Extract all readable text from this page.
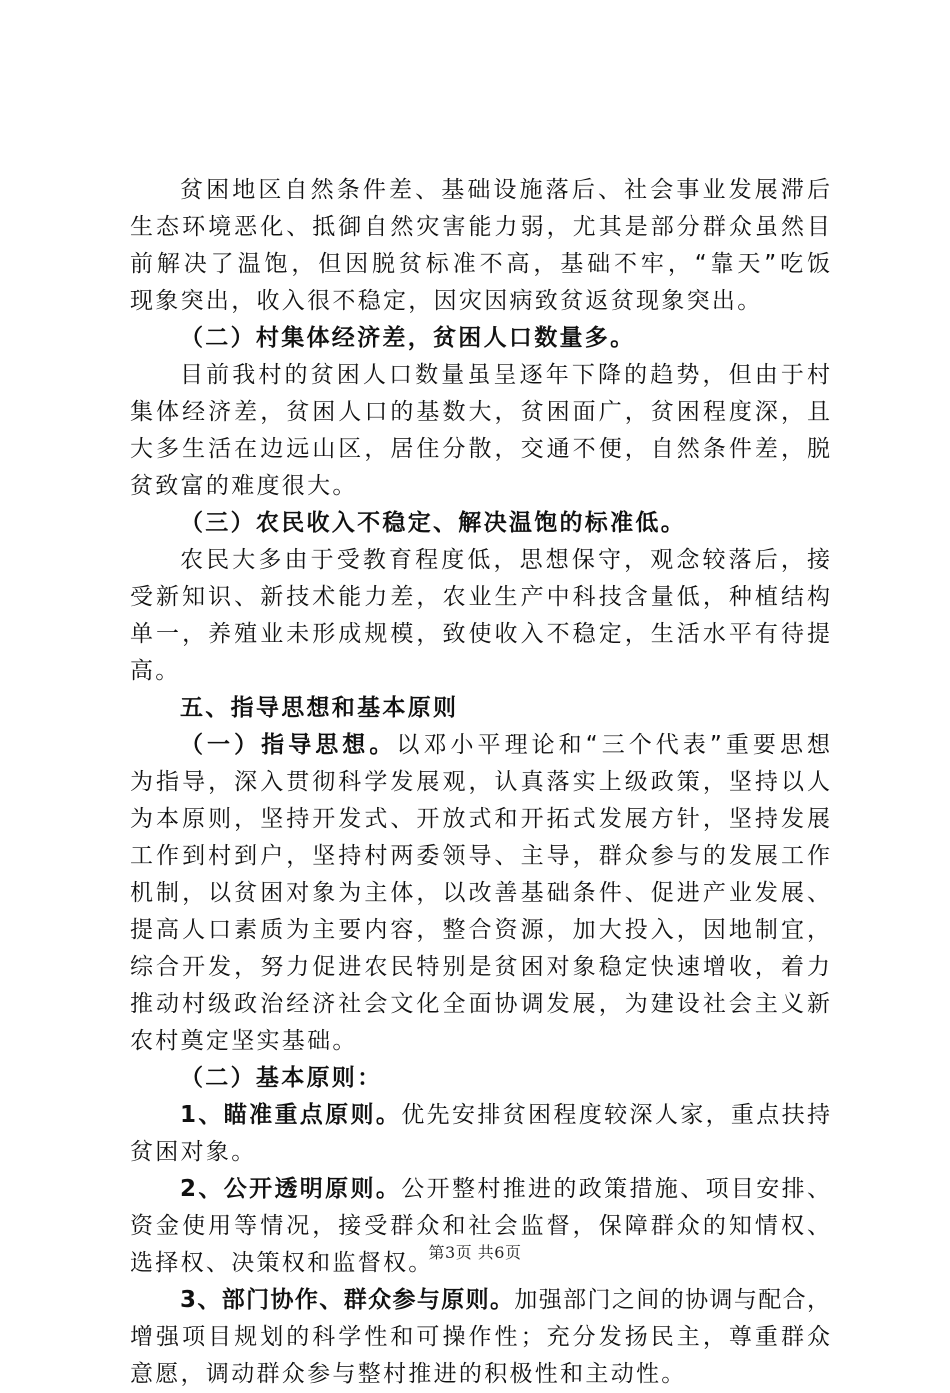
贫困地区自然条件差、基础设施落后、社会事业发展滞后
生态环境恶化、抵御自然灾害能力弱，尤其是部分群众虽然目
前解决了温饱，但因脱贫标准不高，基础不牢，“靠天”吃饭
现象突出，收入很不稳定，因灾因病致贫返贫现象突出。
（二）村集体经济差，贫困人口数量多。
目前我村的贫困人口数量虽呈逐年下降的趋势，但由于村
集体经济差，贫困人口的基数大，贫困面广，贫困程度深，且
大多生活在边远山区，居住分散，交通不便，自然条件差，脱
贫致富的难度很大。
（三）农民收入不稳定、解决温饱的标准低。
农民大多由于受教育程度低，思想保守，观念较落后，接
受新知识、新技术能力差，农业生产中科技含量低，种植结构
单一，养殖业未形成规模，致使收入不稳定，生活水平有待提
高。
五、指导思想和基本原则
（一）指导思想。以邓小平理论和“三个代表”重要思想
为指导，深入贯彻科学发展观，认真落实上级政策，坚持以人
为本原则，坚持开发式、开放式和开拓式发展方针，坚持发展
工作到村到户，坚持村两委领导、主导，群众参与的发展工作
机制，以贫困对象为主体，以改善基础条件、促进产业发展、
提高人口素质为主要内容，整合资源，加大投入，因地制宜，
综合开发，努力促进农民特别是贫困对象稳定快速增收，着力
推动村级政治经济社会文化全面协调发展，为建设社会主义新
农村奠定坚实基础。
（二）基本原则：
1、瞄准重点原则。优先安排贫困程度较深人家，重点扶持
贫困对象。
2、公开透明原则。公开整村推进的政策措施、项目安排、
资金使用等情况，接受群众和社会监督，保障群众的知情权、
选择权、决策权和监督权。
3、部门协作、群众参与原则。加强部门之间的协调与配合，
增强项目规划的科学性和可操作性；充分发扬民主，尊重群众
意愿，调动群众参与整村推进的积极性和主动性。
第3页 共6页
